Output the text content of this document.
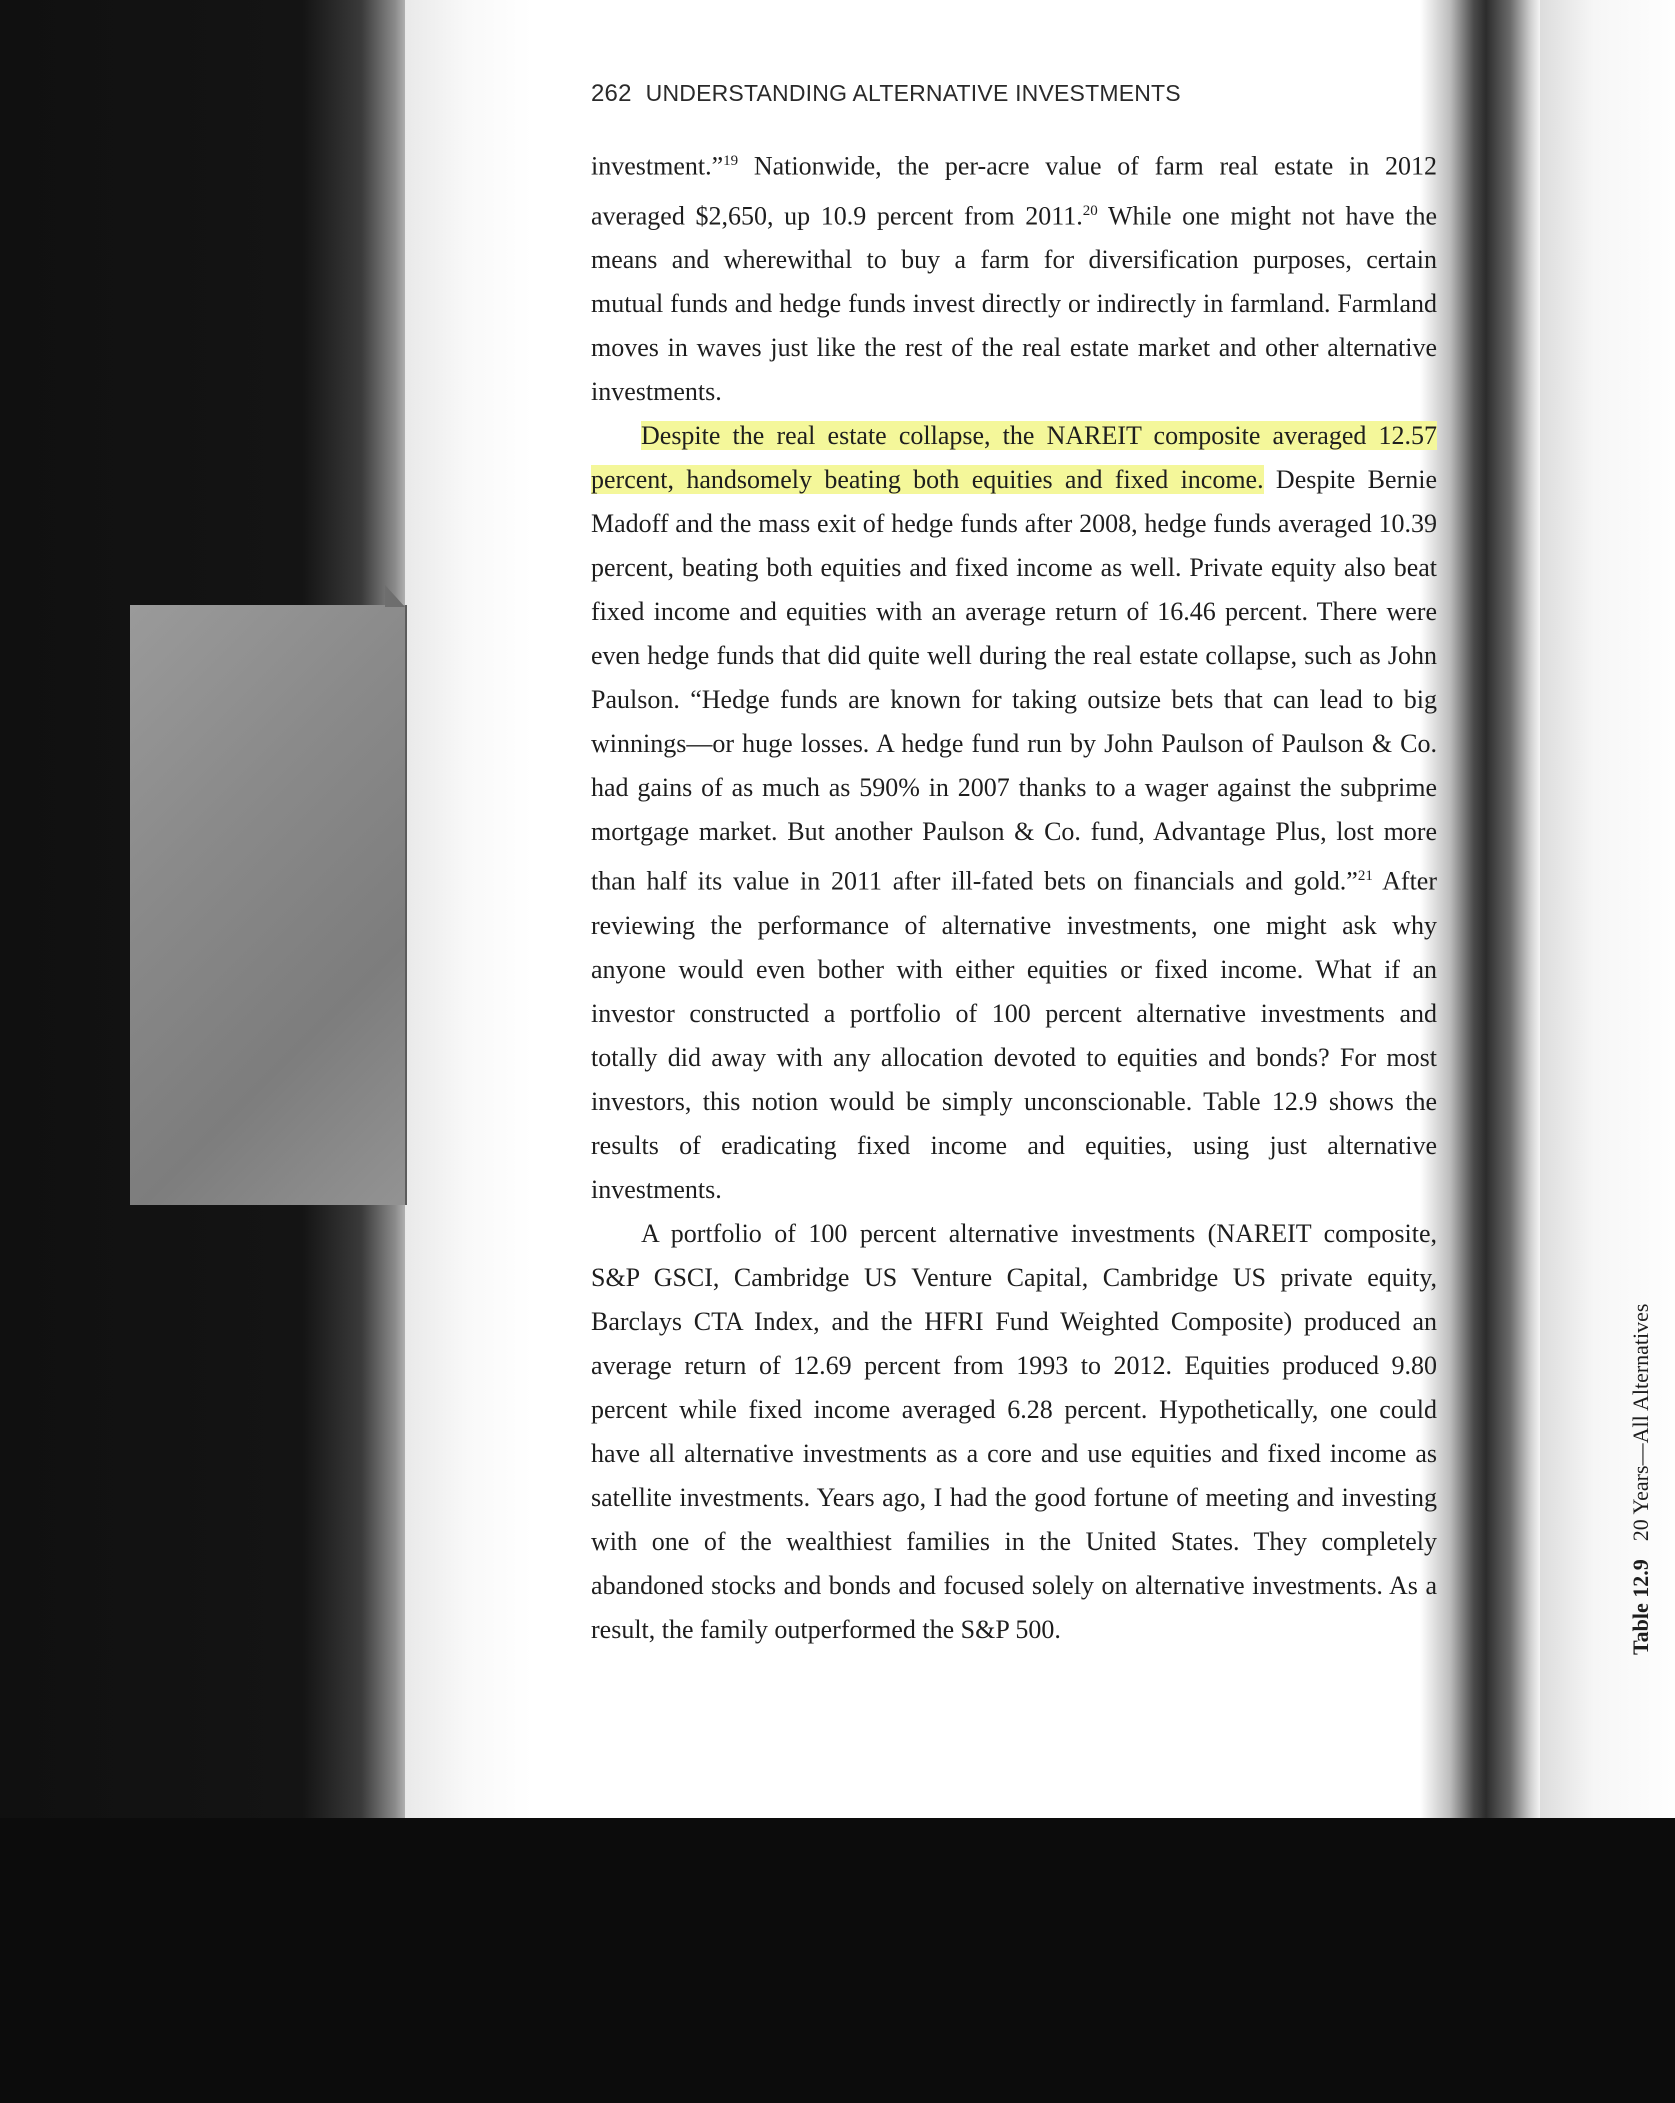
262 UNDERSTANDING ALTERNATIVE INVESTMENTS

investment.”$^{19}$ Nationwide, the per-acre value of farm real estate in 2012 averaged $2,650, up 10.9 percent from 2011.20 While one might not have the means and wherewithal to buy a farm for diversification purposes, certain mutual funds and hedge funds invest directly or indirectly in farmland. Farmland moves in waves just like the rest of the real estate market and other alternative investments.

Despite the real estate collapse, the NAREIT composite averaged 12.57 percent, handsomely beating both equities and fixed income. Despite Bernie Madoff and the mass exit of hedge funds after 2008, hedge funds averaged 10.39 percent, beating both equities and fixed income as well. Private equity also beat fixed income and equities with an average return of 16.46 percent. There were even hedge funds that did quite well during the real estate collapse, such as John Paulson. “Hedge funds are known for taking outsize bets that can lead to big winnings—or huge losses. A hedge fund run by John Paulson of Paulson & Co. had gains of as much as 590% in 2007 thanks to a wager against the subprime mortgage market. But another Paulson & Co. fund, Advantage Plus, lost more than half its value in 2011 after ill-fated bets on financials and gold.”$^{21}$ After reviewing the performance of alternative investments, one might ask why anyone would even bother with either equities or fixed income. What if an investor constructed a portfolio of 100 percent alternative investments and totally did away with any allocation devoted to equities and bonds? For most investors, this notion would be simply unconscionable. Table 12.9 shows the results of eradicating fixed income and equities, using just alternative investments.

A portfolio of 100 percent alternative investments (NAREIT composite, S&P GSCI, Cambridge US Venture Capital, Cambridge US private equity, Barclays CTA Index, and the HFRI Fund Weighted Composite) produced an average return of 12.69 percent from 1993 to 2012. Equities produced 9.80 percent while fixed income averaged 6.28 percent. Hypothetically, one could have all alternative investments as a core and use equities and fixed income as satellite investments. Years ago, I had the good fortune of meeting and investing with one of the wealthiest families in the United States. They completely abandoned stocks and bonds and focused solely on alternative investments. As a result, the family outperformed the S&P 500.	Table 12.920 Years—All Alternatives
